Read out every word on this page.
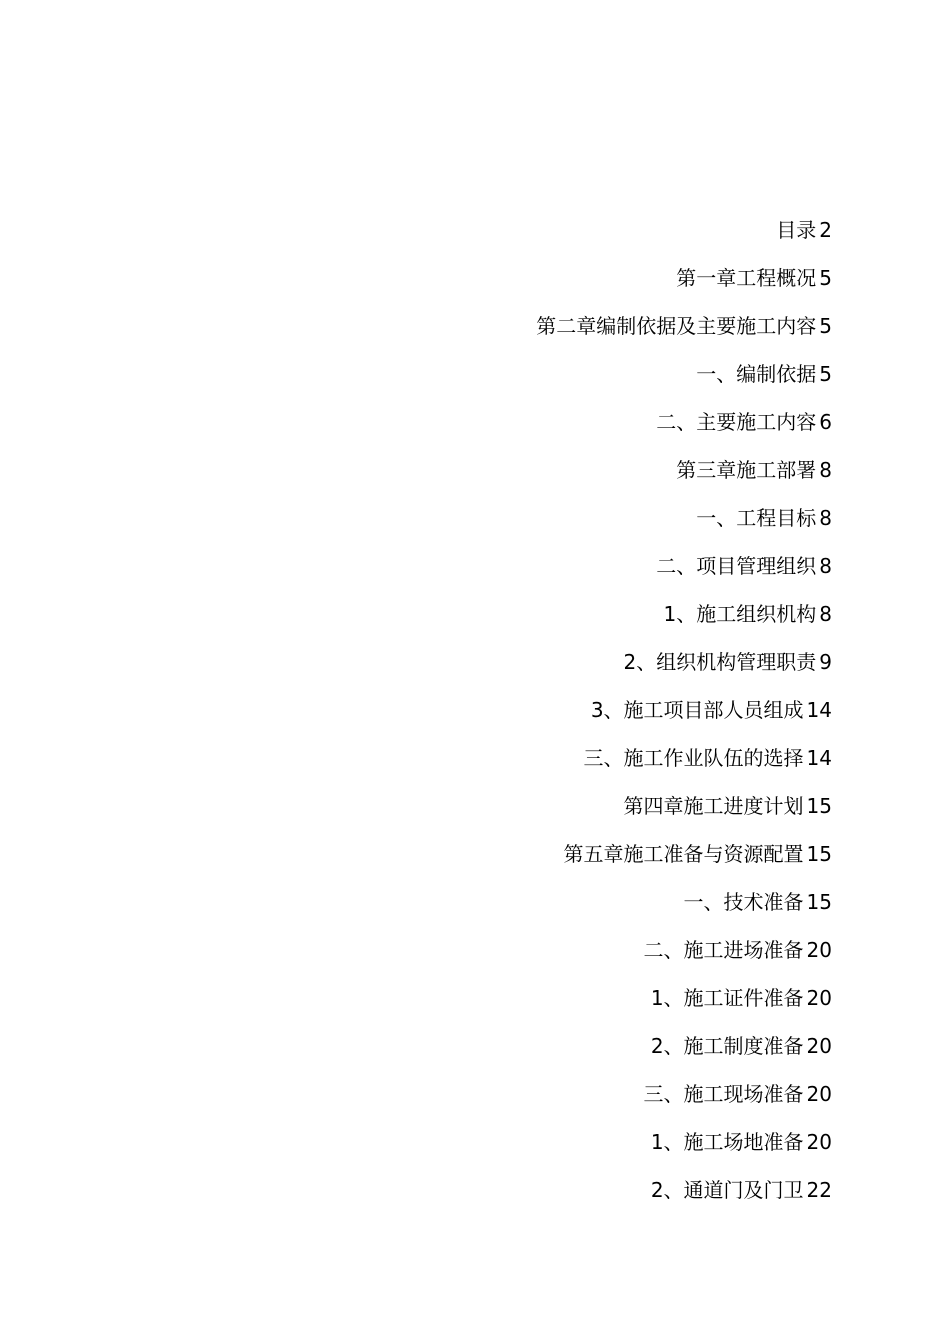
目录 2
第一章工程概况 5
第二章编制依据及主要施工内容 5
一、编制依据 5
二、主要施工内容 6
第三章施工部署 8
一、工程目标 8
二、项目管理组织 8
1、施工组织机构 8
2、组织机构管理职责 9
3、施工项目部人员组成 14
三、施工作业队伍的选择 14
第四章施工进度计划 15
第五章施工准备与资源配置 15
一、技术准备 15
二、施工进场准备 20
1、施工证件准备 20
2、施工制度准备 20
三、施工现场准备 20
1、施工场地准备 20
2、通道门及门卫 22
